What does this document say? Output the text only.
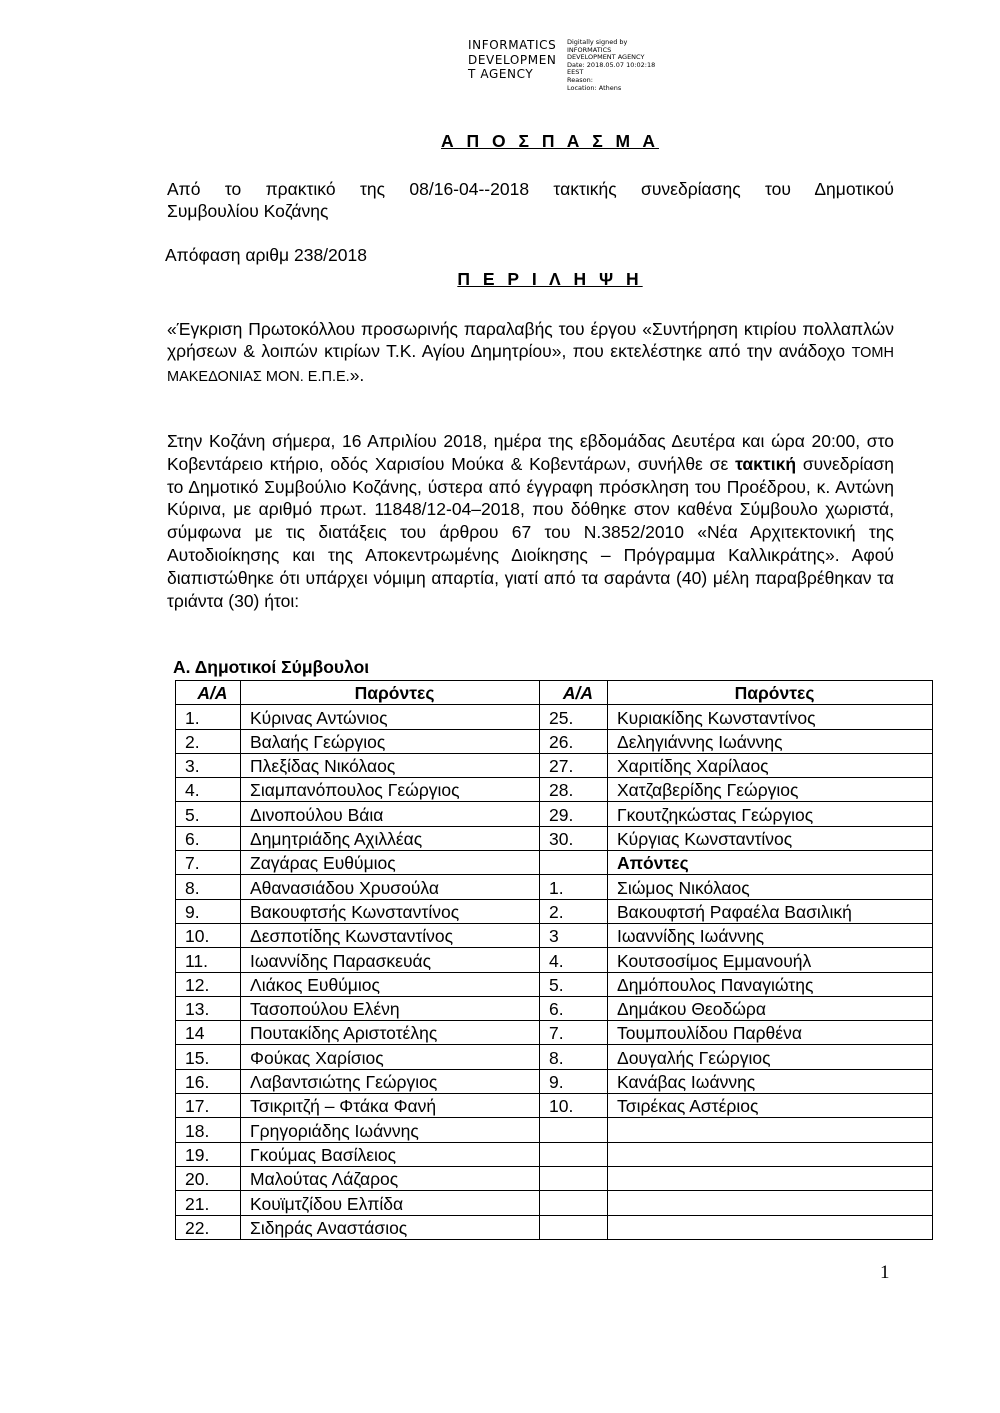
INFORMATICS
DEVELOPMEN
T AGENCY
Digitally signed by
INFORMATICS
DEVELOPMENT AGENCY
Date: 2018.05.07 10:02:18
EEST
Reason:
Location: Athens
Α Π Ο Σ Π Α Σ Μ Α

Από το πρακτικό της 08/16-04--2018 τακτικής συνεδρίασης του Δημοτικού

Συμβουλίου Κοζάνης

Απόφαση αριθμ 238/2018
Π Ε Ρ Ι Λ Η Ψ Η
«Έγκριση Πρωτοκόλλου προσωρινής παραλαβής του έργου «Συντήρηση κτιρίου πολλαπλών χρήσεων & λοιπών κτιρίων Τ.Κ. Αγίου Δημητρίου», που εκτελέστηκε από την ανάδοχο ΤΟΜΗ ΜΑΚΕΔΟΝΙΑΣ ΜΟΝ. Ε.Π.Ε.».
Στην Κοζάνη σήμερα, 16 Απριλίου 2018, ημέρα της εβδομάδας Δευτέρα και ώρα 20:00, στο Κοβεντάρειο κτήριο, οδός Χαρισίου Μούκα & Κοβεντάρων, συνήλθε σε τακτική συνεδρίαση το Δημοτικό Συμβούλιο Κοζάνης, ύστερα από έγγραφη πρόσκληση του Προέδρου, κ. Αντώνη Κύρινα, με αριθμό πρωτ. 11848/12-04–2018, που δόθηκε στον καθένα Σύμβουλο χωριστά, σύμφωνα με τις διατάξεις του άρθρου 67 του Ν.3852/2010 «Νέα Αρχιτεκτονική της Αυτοδιοίκησης και της Αποκεντρωμένης Διοίκησης – Πρόγραμμα Καλλικράτης». Αφού διαπιστώθηκε ότι υπάρχει νόμιμη απαρτία, γιατί από τα σαράντα (40) μέλη παραβρέθηκαν τα τριάντα (30) ήτοι:
Α. Δημοτικοί Σύμβουλοι
Α/Α	Παρόντες	Α/Α	Παρόντες
1.	Κύρινας Αντώνιος	25.	Κυριακίδης Κωνσταντίνος
2.	Βαλαής Γεώργιος	26.	Δεληγιάννης Ιωάννης
3.	Πλεξίδας Νικόλαος	27.	Χαριτίδης Χαρίλαος
4.	Σιαμπανόπουλος Γεώργιος	28.	Χατζαβερίδης Γεώργιος
5.	Δινοπούλου Βάια	29.	Γκουτζηκώστας Γεώργιος
6.	Δημητριάδης Αχιλλέας	30.	Κύργιας Κωνσταντίνος
7.	Ζαγάρας Ευθύμιος		Απόντες
8.	Αθανασιάδου Χρυσούλα	1.	Σιώμος Νικόλαος
9.	Βακουφτσής Κωνσταντίνος	2.	Βακουφτσή Ραφαέλα Βασιλική
10.	Δεσποτίδης Κωνσταντίνος	3	Ιωαννίδης Ιωάννης
11.	Ιωαννίδης Παρασκευάς	4.	Κουτσοσίμος Εμμανουήλ
12.	Λιάκος Ευθύμιος	5.	Δημόπουλος Παναγιώτης
13.	Τασοπούλου Ελένη	6.	Δημάκου Θεοδώρα
14	Πουτακίδης Αριστοτέλης	7.	Τουμπουλίδου Παρθένα
15.	Φούκας Χαρίσιος	8.	Δουγαλής Γεώργιος
16.	Λαβαντσιώτης Γεώργιος	9.	Κανάβας Ιωάννης
17.	Τσικριτζή – Φτάκα Φανή	10.	Τσιρέκας Αστέριος
18.	Γρηγοριάδης Ιωάννης		
19.	Γκούμας Βασίλειος		
20.	Μαλούτας Λάζαρος		
21.	Κουϊμτζίδου Ελπίδα		
22.	Σιδηράς Αναστάσιος		
1
